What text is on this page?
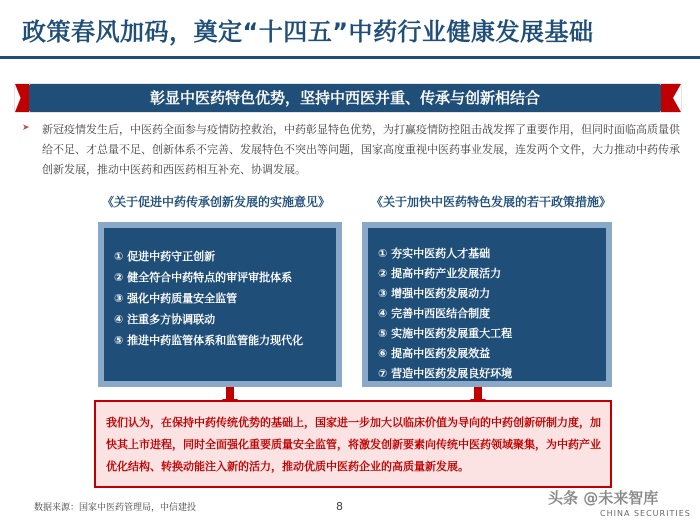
政策春风加码，奠定“十四五”中药行业健康发展基础
彰显中医药特色优势，坚持中西医并重、传承与创新相结合
➤ 新冠疫情发生后，中医药全面参与疫情防控救治，中药彰显特色优势，为打赢疫情防控阻击战发挥了重要作用，但同时面临高质量供给不足、才总量不足、创新体系不完善、发展特色不突出等问题，国家高度重视中医药事业发展，连发两个文件，大力推动中药传承创新发展，推动中医药和西医药相互补充、协调发展。
《关于促进中药传承创新发展的实施意见》	《关于加快中医药特色发展的若干政策措施》
① 促进中药守正创新
② 健全符合中药特点的审评审批体系
③ 强化中药质量安全监管
④ 注重多方协调联动
⑤ 推进中药监管体系和监管能力现代化
① 夯实中医药人才基础
② 提高中药产业发展活力
③ 增强中医药发展动力
④ 完善中西医结合制度
⑤ 实施中医药发展重大工程
⑥ 提高中医药发展效益
⑦ 营造中医药发展良好环境
我们认为，在保持中药传统优势的基础上，国家进一步加大以临床价值为导向的中药创新研制力度，加快其上市进程，同时全面强化重要质量安全监管，将激发创新要素向传统中医药领域聚集，为中药产业优化结构、转换动能注入新的活力，推动优质中医药企业的高质量新发展。
数据来源：国家中医药管理局，中信建投	8	头条 @未来智库
CHINA SECURITIES
